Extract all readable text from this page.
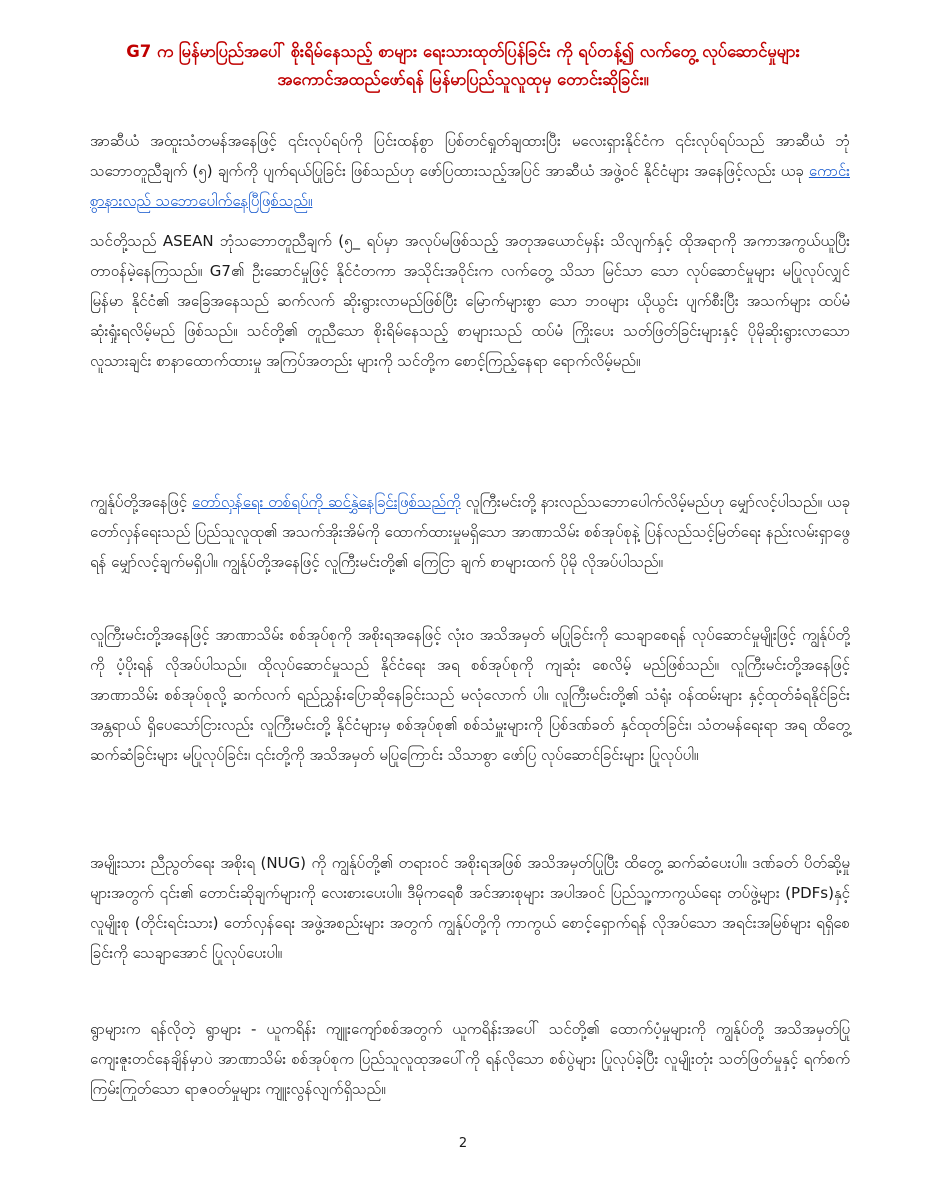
G7 က မြန်မာပြည်အပေါ် စိုးရိမ်နေသည့် စာများ ရေးသားထုတ်ပြန်ခြင်း ကို ရပ်တန့်၍ လက်တွေ့ လုပ်ဆောင်မှုများ
အကောင်အထည်ဖော်ရန် မြန်မာပြည်သူလူထုမှ တောင်းဆိုခြင်း။

အာဆီယံ အထူးသံတမန်အနေဖြင့် ၎င်းလုပ်ရပ်ကို ပြင်းထန်စွာ ပြစ်တင်ရှုတ်ချထားပြီး မလေးရှားနိုင်ငံက ၎င်းလုပ်ရပ်သည် အာဆီယံ ဘုံသဘောတူညီချက် (၅) ချက်ကို ပျက်ရယ်ပြုခြင်း ဖြစ်သည်ဟု ဖော်ပြထားသည့်အပြင် အာဆီယံ အဖွဲ့ဝင် နိုင်ငံများ အနေဖြင့်လည်း ယခု ကောင်းစွာနားလည် သဘောပေါက်နေပြီဖြစ်သည်။

သင်တို့သည် ASEAN ဘုံသဘောတူညီချက် (၅_ ရပ်မှာ အလုပ်မဖြစ်သည့် အတုအယောင်မှန်း သိလျက်နှင့် ထိုအရာကို အကာအကွယ်ယူပြီး တာဝန်မဲ့နေကြသည်။ G7၏ ဦးဆောင်မှုဖြင့် နိုင်ငံတကာ အသိုင်းအဝိုင်းက လက်တွေ့ သိသာ မြင်သာ သော လုပ်ဆောင်မှုများ မပြုလုပ်လျှင် မြန်မာ နိုင်ငံ၏ အခြေအနေသည် ဆက်လက် ဆိုးရွားလာမည်ဖြစ်ပြီး မြောက်များစွာ သော ဘဝများ ယိုယွင်း ပျက်စီးပြီး အသက်များ ထပ်မံ ဆုံးရှုံးရလိမ့်မည် ဖြစ်သည်။ သင်တို့၏ တူညီသော စိုးရိမ်နေသည့် စာများသည် ထပ်မံ ကြိုးပေး သတ်ဖြတ်ခြင်းများနှင့် ပိုမိုဆိုးရွားလာသော လူသားချင်း စာနာထောက်ထားမှု အကြပ်အတည်း များကို သင်တို့က စောင့်ကြည့်နေရာ ရောက်လိမ့်မည်။

ကျွန်ုပ်တို့အနေဖြင့် တော်လှန်ရေး တစ်ရပ်ကို ဆင်နွှဲနေခြင်းဖြစ်သည်ကို လူကြီးမင်းတို့ နားလည်သဘောပေါက်လိမ့်မည်ဟု မျှော်လင့်ပါသည်။ ယခု တော်လှန်ရေးသည် ပြည်သူလူထု၏ အသက်အိုးအိမ်ကို ထောက်ထားမှုမရှိသော အာဏာသိမ်း စစ်အုပ်စုနဲ့ ပြန်လည်သင့်မြတ်ရေး နည်းလမ်းရှာဖွေရန် မျှော်လင့်ချက်မရှိပါ။ ကျွန်ုပ်တို့အနေဖြင့် လူကြီးမင်းတို့၏ ကြေငြာ ချက် စာများထက် ပိုမို လိုအပ်ပါသည်။

လူကြီးမင်းတို့အနေဖြင့် အာဏာသိမ်း စစ်အုပ်စုကို အစိုးရအနေဖြင့် လုံးဝ အသိအမှတ် မပြုခြင်းကို သေချာစေရန် လုပ်ဆောင်မှုမျိုးဖြင့် ကျွန်ုပ်တို့ကို ပံ့ပိုးရန် လိုအပ်ပါသည်။ ထိုလုပ်ဆောင်မှုသည် နိုင်ငံရေး အရ စစ်အုပ်စုကို ကျဆုံး စေလိမ့် မည်ဖြစ်သည်။ လူကြီးမင်းတို့အနေဖြင့် အာဏာသိမ်း စစ်အုပ်စုလို့ ဆက်လက် ရည်ညွှန်းပြောဆိုနေခြင်းသည် မလုံလောက် ပါ။ လူကြီးမင်းတို့၏ သံရုံး ဝန်ထမ်းများ နှင့်ထုတ်ခံရနိုင်ခြင်း အန္တရာယ် ရှိပေသော်ငြားလည်း လူကြီးမင်းတို့ နိုင်ငံများမှ စစ်အုပ်စု၏ စစ်သံမှူးများကို ပြစ်ဒဏ်ခတ် နှင်ထုတ်ခြင်း၊ သံတမန်ရေးရာ အရ ထိတွေ့ဆက်ဆံခြင်းများ မပြုလုပ်ခြင်း၊ ၎င်းတို့ကို အသိအမှတ် မပြုကြောင်း သိသာစွာ ဖော်ပြ လုပ်ဆောင်ခြင်းများ ပြုလုပ်ပါ။

အမျိုးသား ညီညွတ်ရေး အစိုးရ (NUG) ကို ကျွန်ုပ်တို့၏ တရားဝင် အစိုးရအဖြစ် အသိအမှတ်ပြုပြီး ထိတွေ့ ဆက်ဆံပေးပါ။ ဒဏ်ခတ် ပိတ်ဆို့မှုများအတွက် ၎င်း၏ တောင်းဆိုချက်များကို လေးစားပေးပါ။ ဒီမိုကရေစီ အင်အားစုများ အပါအဝင် ပြည်သူ့ကာကွယ်ရေး တပ်ဖွဲ့များ (PDFs)နှင့် လူမျိုးစု (တိုင်းရင်းသား) တော်လှန်ရေး အဖွဲ့အစည်းများ အတွက် ကျွန်ုပ်တို့ကို ကာကွယ် စောင့်ရှောက်ရန် လိုအပ်သော အရင်းအမြစ်များ ရရှိစေခြင်းကို သေချာအောင် ပြုလုပ်ပေးပါ။

ရွာများက ရန်လိုတဲ့ ရွာများ - ယူကရိန်း ကျူးကျော်စစ်အတွက် ယူကရိန်းအပေါ် သင်တို့၏ ထောက်ပံ့မှုများကို ကျွန်ုပ်တို့ အသိအမှတ်ပြု ကျေးဇူးတင်နေချိန်မှာပဲ အာဏာသိမ်း စစ်အုပ်စုက ပြည်သူလူထုအပေါ်ကို ရန်လိုသော စစ်ပွဲများ ပြုလုပ်ခဲ့ပြီး လူမျိုးတုံး သတ်ဖြတ်မှုနှင့် ရက်စက်ကြမ်းကြုတ်သော ရာဇဝတ်မှုများ ကျူးလွန်လျက်ရှိသည်။

2
